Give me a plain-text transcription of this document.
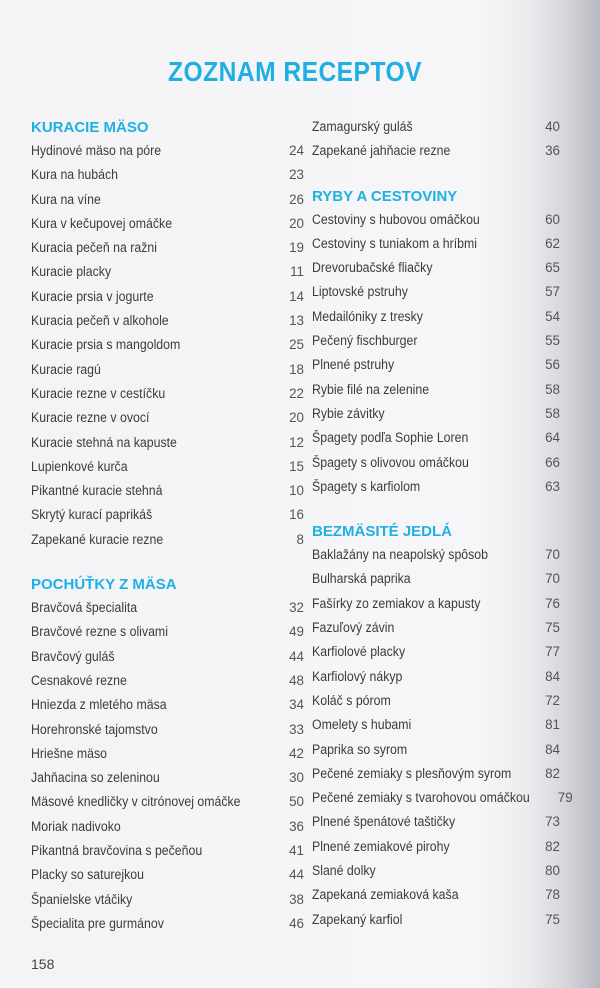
ZOZNAM RECEPTOV
KURACIE MÄSO
Hydinové mäso na póre	24
Kura na hubách	23
Kura na víne	26
Kura v kečupovej omáčke	20
Kuracia pečeň na ražni	19
Kuracie placky	11
Kuracie prsia v jogurte	14
Kuracia pečeň v alkohole	13
Kuracie prsia s mangoldom	25
Kuracie ragú	18
Kuracie rezne v cestíčku	22
Kuracie rezne v ovocí	20
Kuracie stehná na kapuste	12
Lupienkové kurča	15
Pikantné kuracie stehná	10
Skrytý kurací paprikáš	16
Zapekané kuracie rezne	8
POCHÚŤKY Z MÄSA
Bravčová špecialita	32
Bravčové rezne s olivami	49
Bravčový guláš	44
Cesnakové rezne	48
Hniezda z mletého mäsa	34
Horehronské tajomstvo	33
Hriešne mäso	42
Jahňacina so zeleninou	30
Mäsové knedličky v citrónovej omáčke	50
Moriak nadivoko	36
Pikantná bravčovina s pečeňou	41
Placky so saturejkou	44
Španielske vtáčiky	38
Špecialita pre gurmánov	46
Zamagurský guláš	40
Zapekané jahňacie rezne	36
RYBY A CESTOVINY
Cestoviny s hubovou omáčkou	60
Cestoviny s tuniakom a hríbmi	62
Drevorubačské fliačky	65
Liptovské pstruhy	57
Medailóniky z tresky	54
Pečený fischburger	55
Plnené pstruhy	56
Rybie filé na zelenine	58
Rybie závitky	58
Špagety podľa Sophie Loren	64
Špagety s olivovou omáčkou	66
Špagety s karfiolom	63
BEZMÄSITÉ JEDLÁ
Baklažány na neapolský spôsob	70
Bulharská paprika	70
Fašírky zo zemiakov a kapusty	76
Fazuľový závin	75
Karfiolové placky	77
Karfiolový nákyp	84
Koláč s pórom	72
Omelety s hubami	81
Paprika so syrom	84
Pečené zemiaky s plesňovým syrom	82
Pečené zemiaky s tvarohovou omáčkou	79
Plnené špenátové taštičky	73
Plnené zemiakové pirohy	82
Slané dolky	80
Zapekaná zemiaková kaša	78
Zapekaný karfiol	75
158
